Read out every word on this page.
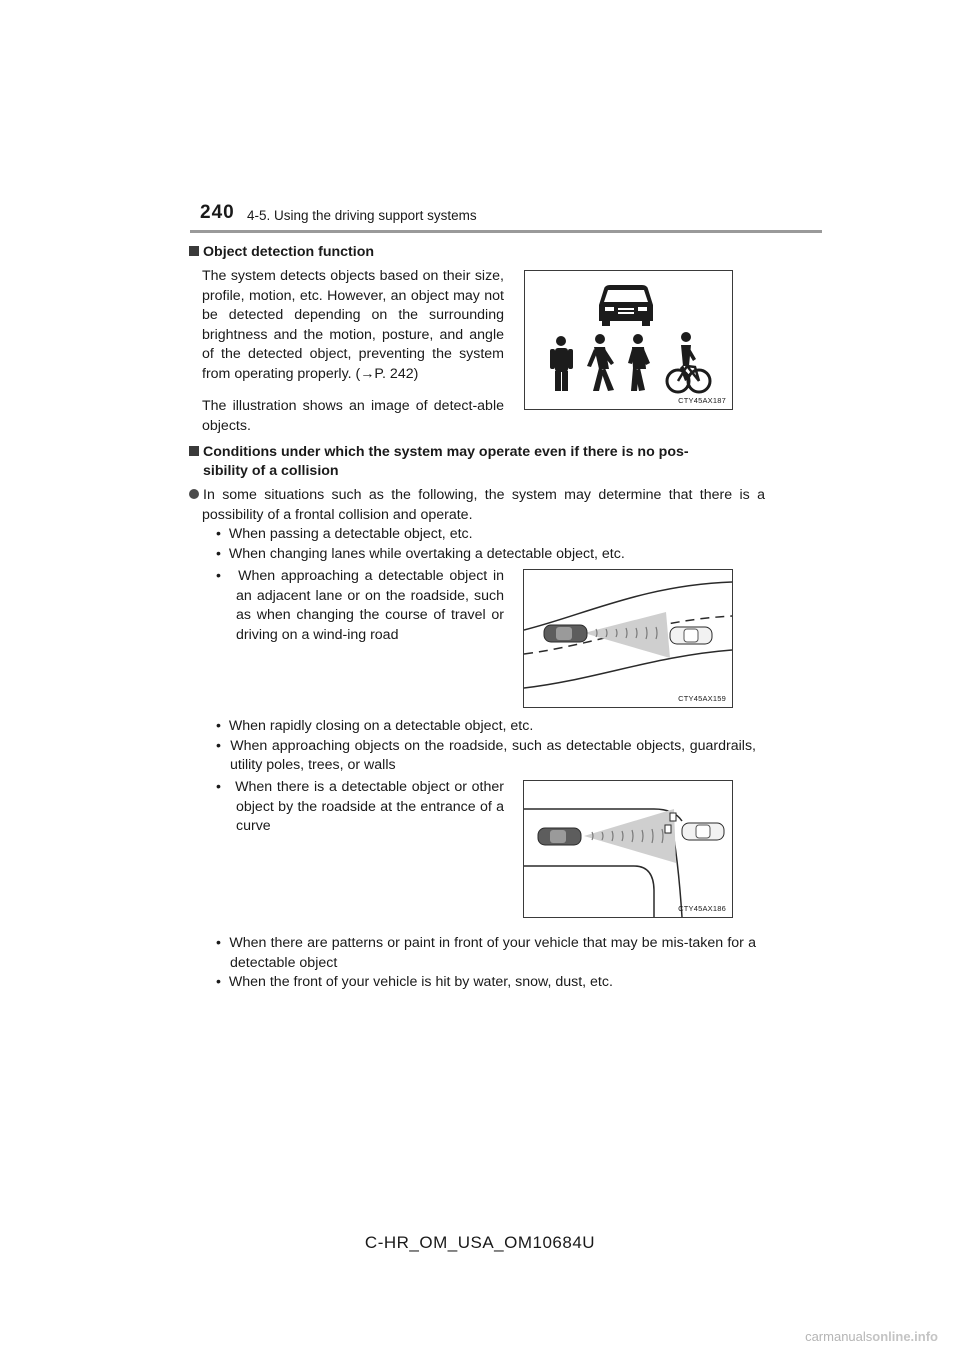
240 4-5. Using the driving support systems
Object detection function
The system detects objects based on their size, profile, motion, etc. However, an object may not be detected depending on the surrounding brightness and the motion, posture, and angle of the detected object, preventing the system from operating properly. (→P. 242)
The illustration shows an image of detect-able objects.
CTY45AX187
Conditions under which the system may operate even if there is no pos-
sibility of a collision
In some situations such as the following, the system may determine that there is a possibility of a frontal collision and operate.
•  When passing a detectable object, etc.
•  When changing lanes while overtaking a detectable object, etc.
•   When approaching a detectable object in an adjacent lane or on the roadside, such as when changing the course of travel or driving on a wind-ing road
CTY45AX159
•  When rapidly closing on a detectable object, etc.
•  When approaching objects on the roadside, such as detectable objects, guardrails, utility poles, trees, or walls
•   When there is a detectable object or other object by the roadside at the entrance of a curve
CTY45AX186
•  When there are patterns or paint in front of your vehicle that may be mis-taken for a detectable object
•  When the front of your vehicle is hit by water, snow, dust, etc.
C-HR_OM_USA_OM10684U
carmanualsonline.info
